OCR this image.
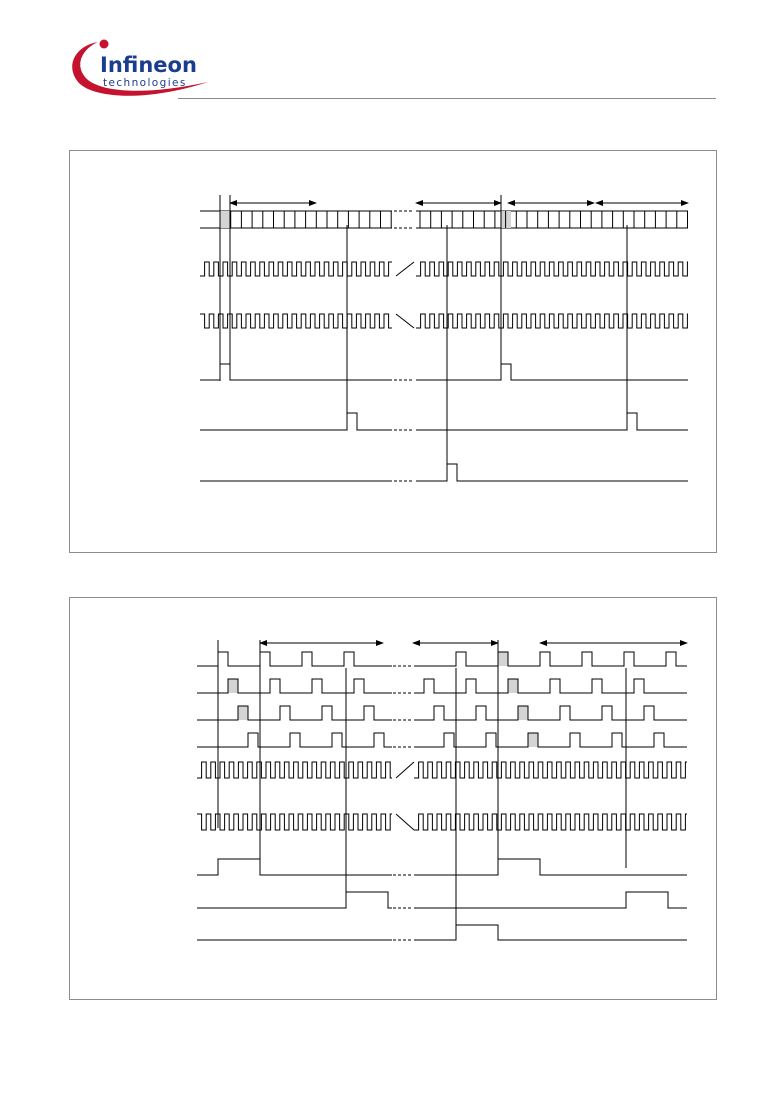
Infineon
technologies
